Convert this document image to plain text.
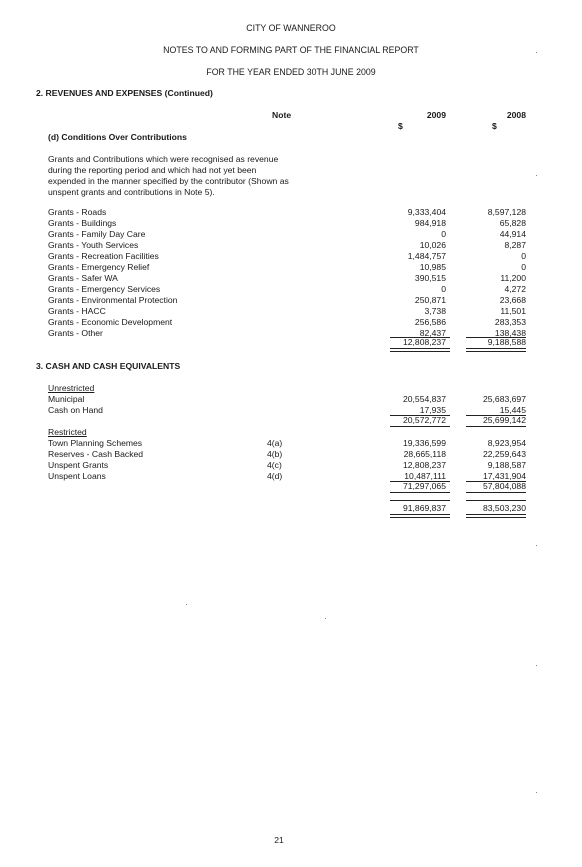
CITY OF WANNEROO
NOTES TO AND FORMING PART OF THE FINANCIAL REPORT
FOR THE YEAR ENDED 30TH JUNE 2009
2. REVENUES AND EXPENSES (Continued)
Note	2009	2008
$	$
(d) Conditions Over Contributions
Grants and Contributions which were recognised as revenue
during the reporting period and which had not yet been
expended in the manner specified by the contributor (Shown as
unspent grants and contributions in Note 5).
Grants - Roads	9,333,404	8,597,128
Grants - Buildings	984,918	65,828
Grants - Family Day Care	0	44,914
Grants - Youth Services	10,026	8,287
Grants - Recreation Facilities	1,484,757	0
Grants - Emergency Relief	10,985	0
Grants - Safer WA	390,515	11,200
Grants - Emergency Services	0	4,272
Grants - Environmental Protection	250,871	23,668
Grants - HACC	3,738	11,501
Grants - Economic Development	256,586	283,353
Grants - Other	82,437	138,438
12,808,237	9,188,588
3. CASH AND CASH EQUIVALENTS
Unrestricted
Municipal	20,554,837	25,683,697
Cash on Hand	17,935	15,445
20,572,772	25,699,142
Restricted
Town Planning Schemes	4(a)	19,336,599	8,923,954
Reserves - Cash Backed	4(b)	28,665,118	22,259,643
Unspent Grants	4(c)	12,808,237	9,188,587
Unspent Loans	4(d)	10,487,111	17,431,904
71,297,065	57,804,088
91,869,837	83,503,230
21
